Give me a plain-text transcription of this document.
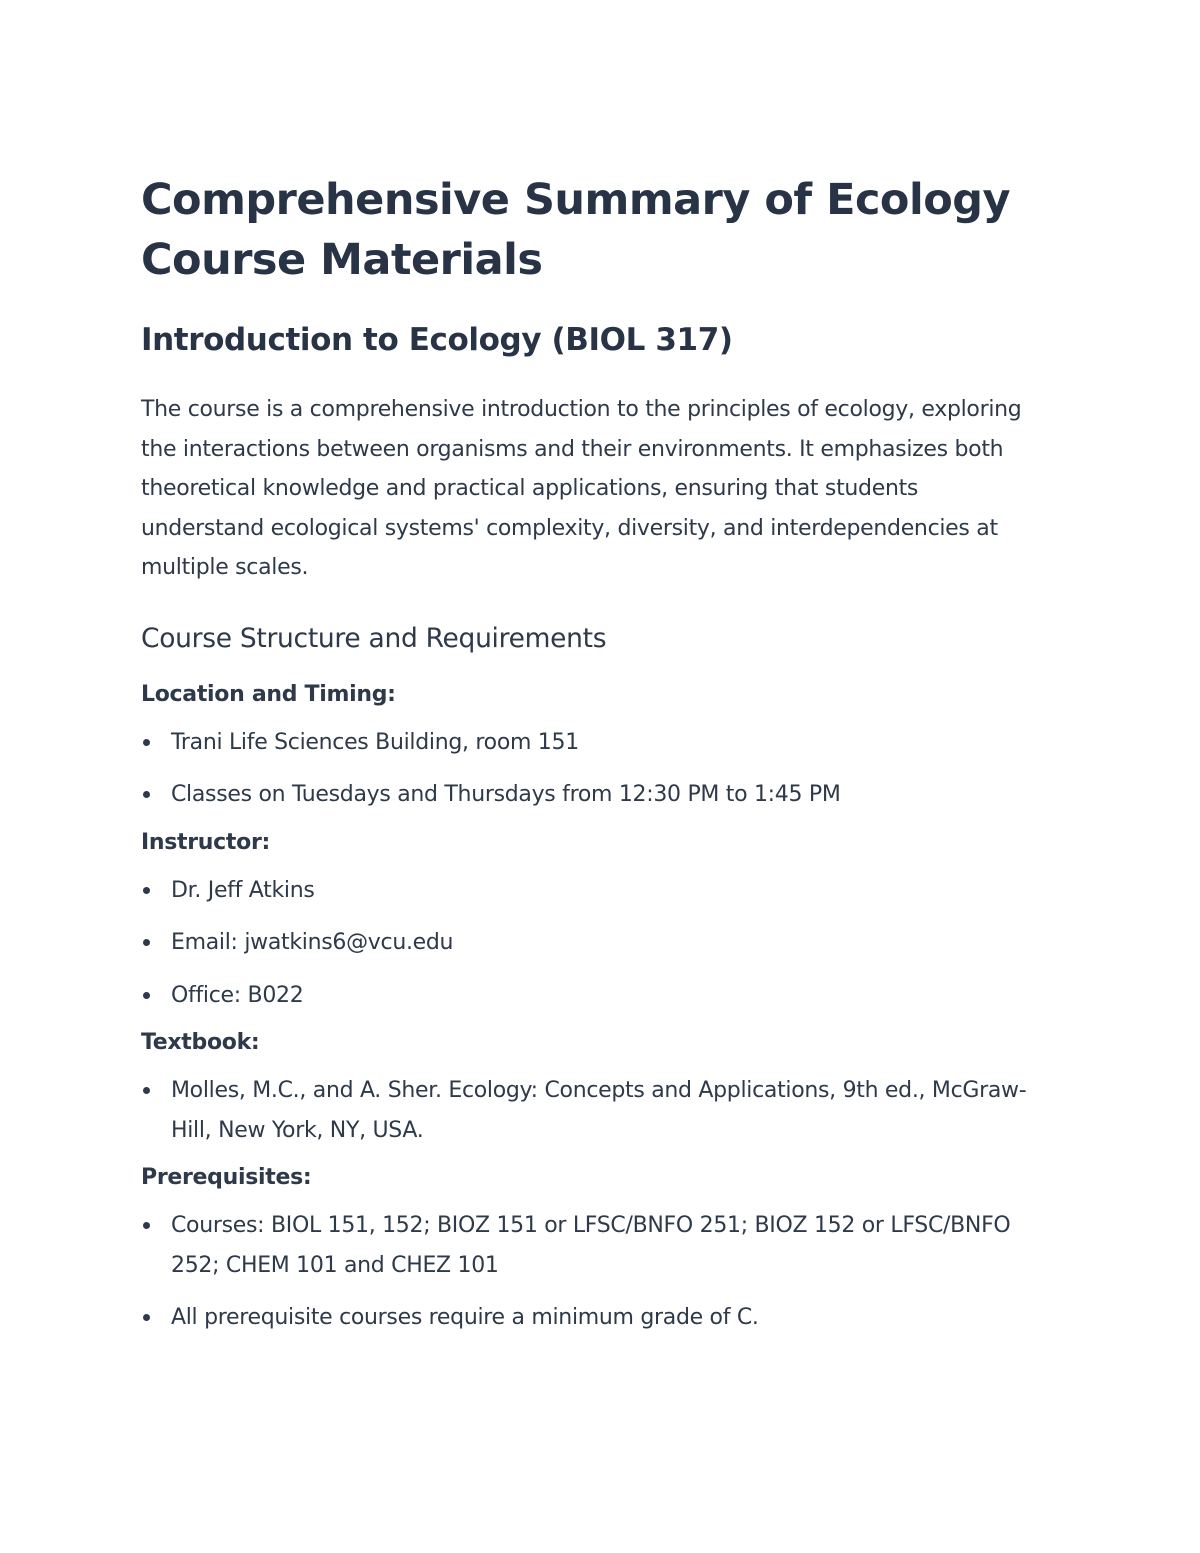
Comprehensive Summary of Ecology Course Materials
Introduction to Ecology (BIOL 317)

The course is a comprehensive introduction to the principles of ecology, exploring the interactions between organisms and their environments. It emphasizes both theoretical knowledge and practical applications, ensuring that students understand ecological systems' complexity, diversity, and interdependencies at multiple scales.

Course Structure and Requirements
Location and Timing:
Trani Life Sciences Building, room 151
Classes on Tuesdays and Thursdays from 12:30 PM to 1:45 PM
Instructor:
Dr. Jeff Atkins
Email: jwatkins6@vcu.edu
Office: B022
Textbook:
Molles, M.C., and A. Sher. Ecology: Concepts and Applications, 9th ed., McGraw-Hill, New York, NY, USA.
Prerequisites:
Courses: BIOL 151, 152; BIOZ 151 or LFSC/BNFO 251; BIOZ 152 or LFSC/BNFO 252; CHEM 101 and CHEZ 101
All prerequisite courses require a minimum grade of C.
